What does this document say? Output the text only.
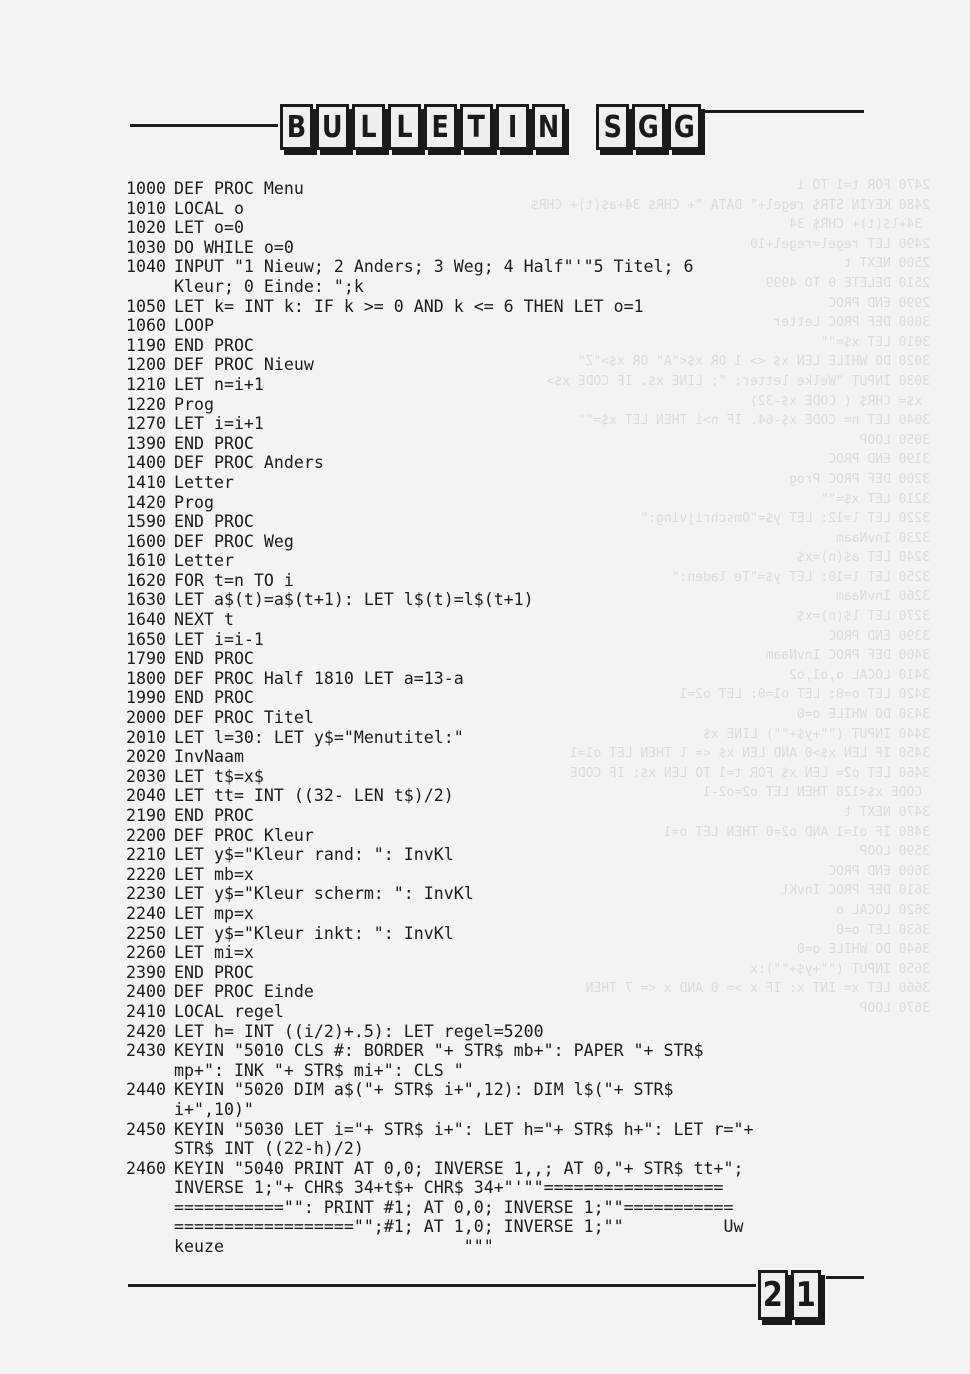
2470 FOR t=1 TO i
2480 KEYIN STR$ regel+" DATA "+ CHR$ 34+a$(t)+ CHR$
34+l$(t)+ CHR$ 34
2490 LET regel=regel+10
2500 NEXT t
2510 DELETE 0 TO 4999
2990 END PROC
3000 DEF PROC Letter
3010 LET x$=""
3020 DO WHILE LEN x$ <> 1 OR x$<"A" OR x$>"Z"
3030 INPUT "Welke letter: "; LINE x$. IF CODE x$>
x$= CHR$ ( CODE x$-32)
3040 LET n= CODE x$-64. IF n>i THEN LET x$=""
3050 LOOP
3190 END PROC
3200 DEF PROC Prog
3210 LET x$=""
3220 LET l=12: LET y$="Omschrijving:"
3230 InvNaam
3240 LET a$(n)=x$
3250 LET l=10: LET y$="Te laden:"
3260 InvNaam
3270 LET l$(n)=x$
3390 END PROC
3400 DEF PROC InvNaam
3410 LOCAL o,o1,o2
3420 LET o=0: LET o1=0: LET o2=1
3430 DO WHILE o=0
3440 INPUT (""+y$+"") LINE x$
3450 IF LEN x$>0 AND LEN x$ <= l THEN LET o1=1
3460 LET o2= LEN x$ FOR t=1 TO LEN x$: IF CODE
CODE x$<128 THEN LET o2=o2-1
3470 NEXT t
3480 IF o1=1 AND o2=0 THEN LET o=1
3590 LOOP
3600 END PROC
3610 DEF PROC InvKl
3620 LOCAL o
3630 LET o=0
3640 DO WHILE o=0
3650 INPUT (""+y$+""):x
3660 LET x= INT x: IF x >= 0 AND x <= 7 THEN
3670 LOOP
B U L L E T I N S G G
1000 DEF PROC Menu
1010 LOCAL o
1020 LET o=0
1030 DO WHILE o=0
1040 INPUT "1 Nieuw; 2 Anders; 3 Weg; 4 Half"'"5 Titel; 6
Kleur; 0 Einde: ";k
1050 LET k= INT k: IF k >= 0 AND k <= 6 THEN LET o=1
1060 LOOP
1190 END PROC
1200 DEF PROC Nieuw
1210 LET n=i+1
1220 Prog
1270 LET i=i+1
1390 END PROC
1400 DEF PROC Anders
1410 Letter
1420 Prog
1590 END PROC
1600 DEF PROC Weg
1610 Letter
1620 FOR t=n TO i
1630 LET a$(t)=a$(t+1): LET l$(t)=l$(t+1)
1640 NEXT t
1650 LET i=i-1
1790 END PROC
1800 DEF PROC Half 1810 LET a=13-a
1990 END PROC
2000 DEF PROC Titel
2010 LET l=30: LET y$="Menutitel:"
2020 InvNaam
2030 LET t$=x$
2040 LET tt= INT ((32- LEN t$)/2)
2190 END PROC
2200 DEF PROC Kleur
2210 LET y$="Kleur rand: ": InvKl
2220 LET mb=x
2230 LET y$="Kleur scherm: ": InvKl
2240 LET mp=x
2250 LET y$="Kleur inkt: ": InvKl
2260 LET mi=x
2390 END PROC
2400 DEF PROC Einde
2410 LOCAL regel
2420 LET h= INT ((i/2)+.5): LET regel=5200
2430 KEYIN "5010 CLS #: BORDER "+ STR$ mb+": PAPER "+ STR$
mp+": INK "+ STR$ mi+": CLS "
2440 KEYIN "5020 DIM a$("+ STR$ i+",12): DIM l$("+ STR$
i+",10)"
2450 KEYIN "5030 LET i="+ STR$ i+": LET h="+ STR$ h+": LET r="+
STR$ INT ((22-h)/2)
2460 KEYIN "5040 PRINT AT 0,0; INVERSE 1,,; AT 0,"+ STR$ tt+";
INVERSE 1;"+ CHR$ 34+t$+ CHR$ 34+"'""==================
==========="": PRINT #1; AT 0,0; INVERSE 1;""===========
=================="";#1; AT 1,0; INVERSE 1;""          Uw
keuze                        """
2 1
